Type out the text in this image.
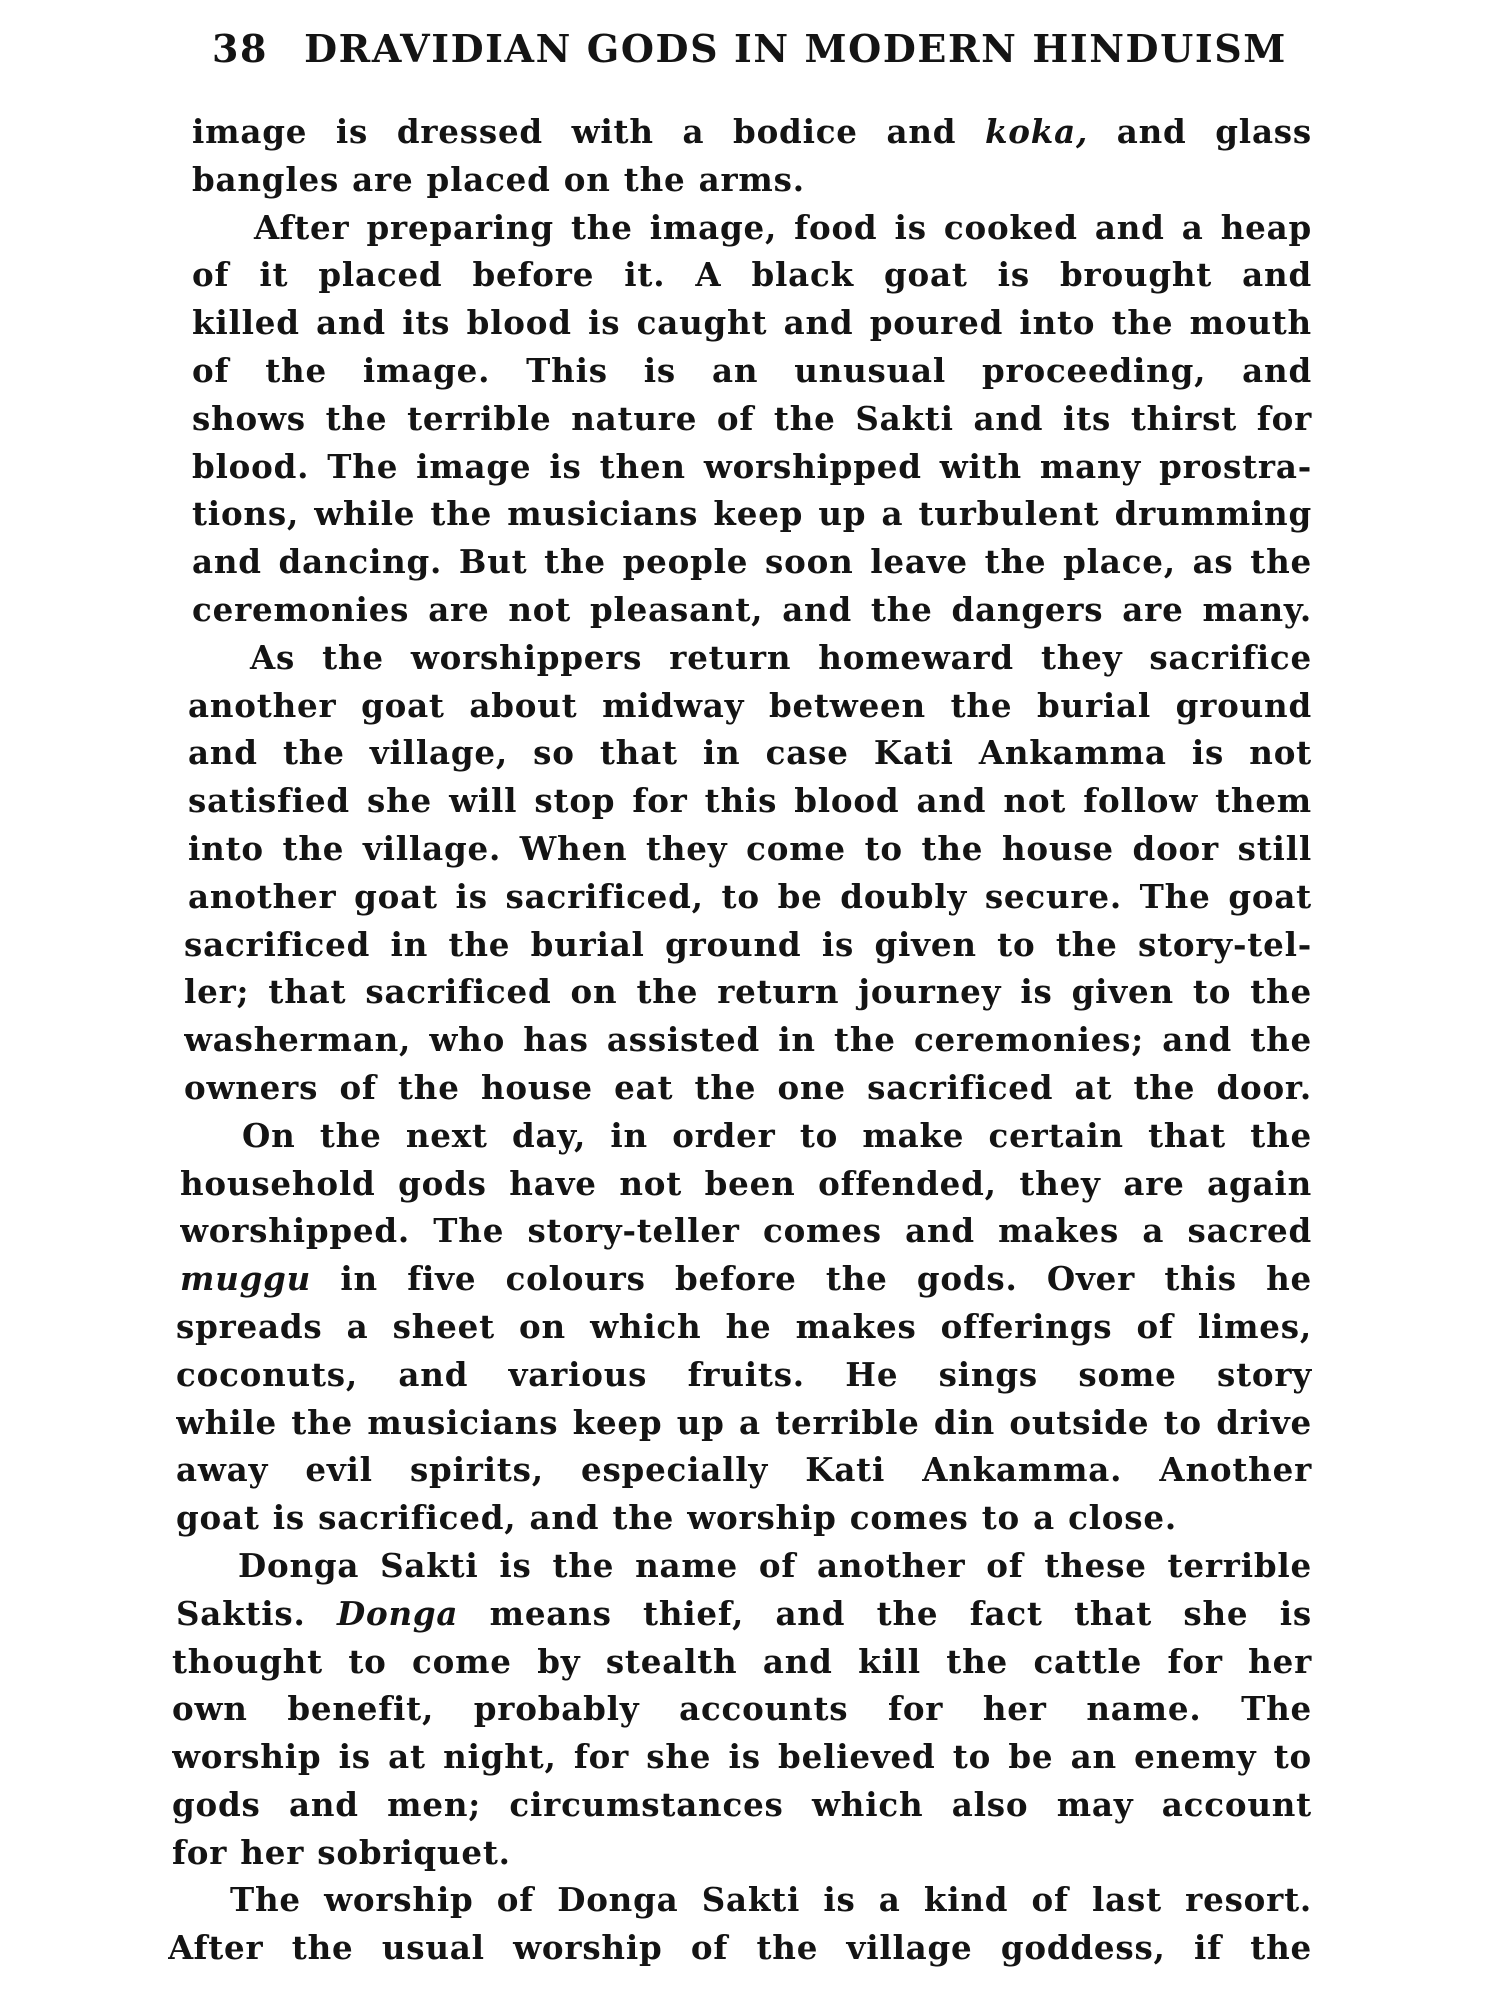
38 DRAVIDIAN GODS IN MODERN HINDUISM
image is dressed with a bodice and koka, and glass
bangles are placed on the arms.
After preparing the image, food is cooked and a heap
of it placed before it. A black goat is brought and
killed and its blood is caught and poured into the mouth
of the image. This is an unusual proceeding, and
shows the terrible nature of the Sakti and its thirst for
blood. The image is then worshipped with many prostra-
tions, while the musicians keep up a turbulent drumming
and dancing. But the people soon leave the place, as the
ceremonies are not pleasant, and the dangers are many.
As the worshippers return homeward they sacrifice
another goat about midway between the burial ground
and the village, so that in case Kati Ankamma is not
satisfied she will stop for this blood and not follow them
into the village. When they come to the house door still
another goat is sacrificed, to be doubly secure. The goat
sacrificed in the burial ground is given to the story-tel-
ler; that sacrificed on the return journey is given to the
washerman, who has assisted in the ceremonies; and the
owners of the house eat the one sacrificed at the door.
On the next day, in order to make certain that the
household gods have not been offended, they are again
worshipped. The story-teller comes and makes a sacred
muggu in five colours before the gods. Over this he
spreads a sheet on which he makes offerings of limes,
coconuts, and various fruits. He sings some story
while the musicians keep up a terrible din outside to drive
away evil spirits, especially Kati Ankamma. Another
goat is sacrificed, and the worship comes to a close.
Donga Sakti is the name of another of these terrible
Saktis. Donga means thief, and the fact that she is
thought to come by stealth and kill the cattle for her
own benefit, probably accounts for her name. The
worship is at night, for she is believed to be an enemy to
gods and men; circumstances which also may account
for her sobriquet.
The worship of Donga Sakti is a kind of last resort.
After the usual worship of the village goddess, if the
